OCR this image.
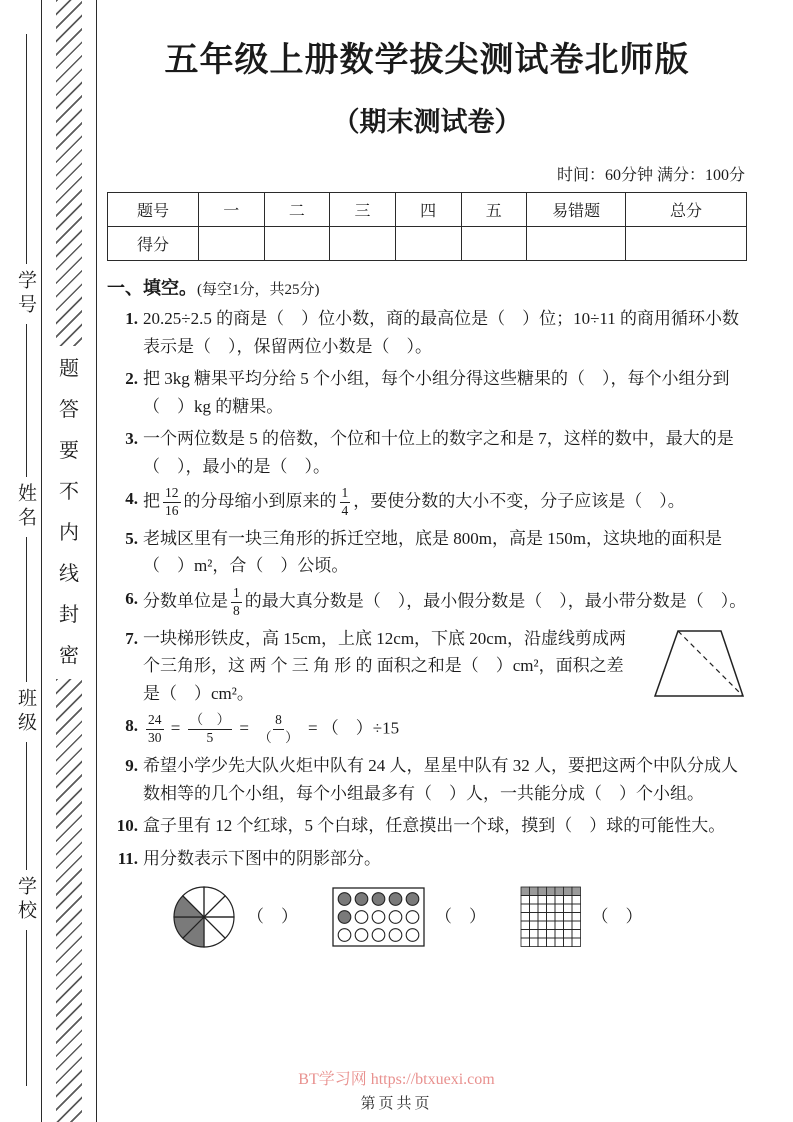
题
答
要
不
内
线
封
密
五年级上册数学拔尖测试卷北师版
（期末测试卷）
时间：60分钟 满分：100分
题号	一	二	三	四	五	易错题	总分
得分							
一、填空。(每空1分，共25分)
1. 20.25÷2.5 的商是（　）位小数，商的最高位是（　）位；10÷11 的商用循环小数表示是（　），保留两位小数是（　）。
2. 把 3kg 糖果平均分给 5 个小组，每个小组分得这些糖果的（　），每个小组分到（　）kg 的糖果。
3. 一个两位数是 5 的倍数，个位和十位上的数字之和是 7，这样的数中，最大的是（　），最小的是（　）。
4. 把 $\frac{12}{16}$ 的分母缩小到原来的 $\frac{1}{4}$ ，要使分数的大小不变，分子应该是（　）。
5. 老城区里有一块三角形的拆迁空地，底是 800m，高是 150m，这块地的面积是（　）m²，合（　）公顷。
6. 分数单位是 $\frac{1}{8}$ 的最大真分数是（　），最小假分数是（　），最小带分数是（　）。
7. 一块梯形铁皮，高 15cm，上底 12cm，下底 20cm，沿虚线剪成两个三角形，这 两 个 三 角 形 的 面积之和是（　）cm²，面积之差是（　）cm²。
8. $\frac{24}{30} = \frac{( )}{5} = \frac{8}{( )}$ = （　）÷15
9. 希望小学少先大队火炬中队有 24 人，星星中队有 32 人，要把这两个中队分成人数相等的几个小组，每个小组最多有（　）人，一共能分成（　）个小组。
10. 盒子里有 12 个红球，5 个白球，任意摸出一个球，摸到（　）球的可能性大。
11. 用分数表示下图中的阴影部分。
（　）	（　）	（　）
BT学习网 https://btxuexi.com
第页共页
学号
姓名
班级
学校
